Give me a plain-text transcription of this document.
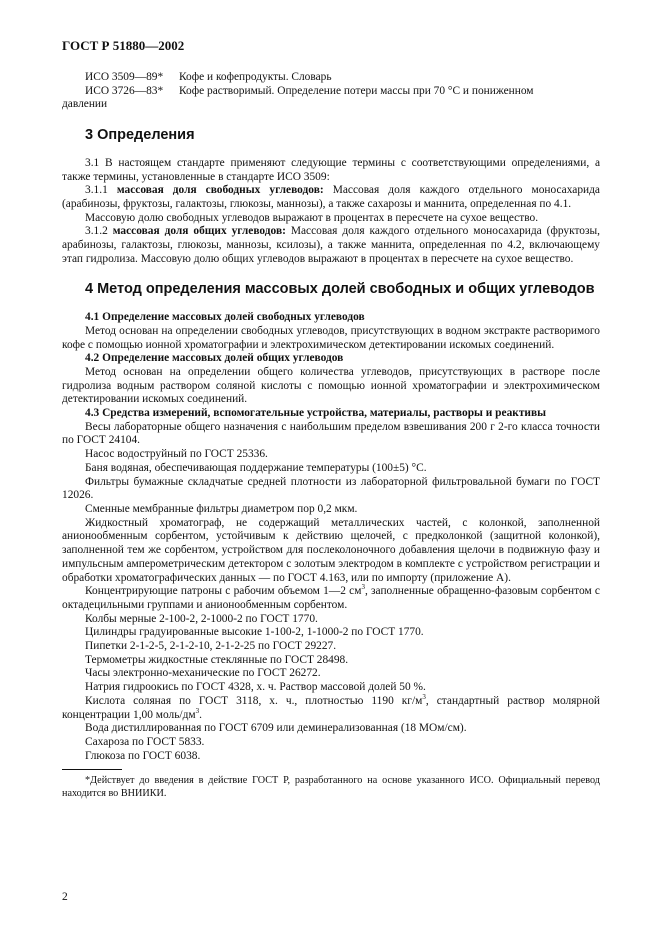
ГОСТ Р 51880—2002
ИСО 3509—89*	Кофе и кофепродукты. Словарь
ИСО 3726—83*	Кофе растворимый. Определение потери массы при 70 °С и пониженном

давлении

3 Определения

3.1 В настоящем стандарте применяют следующие термины с соответствующими определениями, а также термины, установленные в стандарте ИСО 3509:

3.1.1 массовая доля свободных углеводов: Массовая доля каждого отдельного моносахарида (арабинозы, фруктозы, галактозы, глюкозы, маннозы), а также сахарозы и маннита, определенная по 4.1.

Массовую долю свободных углеводов выражают в процентах в пересчете на сухое вещество.

3.1.2 массовая доля общих углеводов: Массовая доля каждого отдельного моносахарида (фруктозы, арабинозы, галактозы, глюкозы, маннозы, ксилозы), а также маннита, определенная по 4.2, включающему этап гидролиза. Массовую долю общих углеводов выражают в процентах в пересчете на сухое вещество.

4 Метод определения массовых долей свободных и общих углеводов

4.1 Определение массовых долей свободных углеводов

Метод основан на определении свободных углеводов, присутствующих в водном экстракте растворимого кофе с помощью ионной хроматографии и электрохимическом детектировании искомых соединений.

4.2 Определение массовых долей общих углеводов

Метод основан на определении общего количества углеводов, присутствующих в растворе после гидролиза водным раствором соляной кислоты с помощью ионной хроматографии и электрохимическом детектировании искомых соединений.

4.3 Средства измерений, вспомогательные устройства, материалы, растворы и реактивы

Весы лабораторные общего назначения с наибольшим пределом взвешивания 200 г 2-го класса точности по ГОСТ 24104.

Насос водоструйный по ГОСТ 25336.

Баня водяная, обеспечивающая поддержание температуры (100±5) °С.

Фильтры бумажные складчатые средней плотности из лабораторной фильтровальной бумаги по ГОСТ 12026.

Сменные мембранные фильтры диаметром пор 0,2 мкм.

Жидкостный хроматограф, не содержащий металлических частей, с колонкой, заполненной анионообменным сорбентом, устойчивым к действию щелочей, с предколонкой (защитной колонкой), заполненной тем же сорбентом, устройством для послеколоночного добавления щелочи в подвижную фазу и импульсным амперометрическим детектором с золотым электродом в комплекте с устройством регистрации и обработки хроматографических данных — по ГОСТ 4.163, или по импорту (приложение А).

Концентрирующие патроны с рабочим объемом 1—2 $см^3$, заполненные обращенно-фазовым сорбентом с октадецильными группами и анионообменным сорбентом.

Колбы мерные 2-100-2, 2-1000-2 по ГОСТ 1770.

Цилиндры градуированные высокие 1-100-2, 1-1000-2 по ГОСТ 1770.

Пипетки 2-1-2-5, 2-1-2-10, 2-1-2-25 по ГОСТ 29227.

Термометры жидкостные стеклянные по ГОСТ 28498.

Часы электронно-механические по ГОСТ 26272.

Натрия гидроокись по ГОСТ 4328, х. ч. Раствор массовой долей 50 %.

Кислота соляная по ГОСТ 3118, х. ч., плотностью 1190 $кг/м^3$, стандартный раствор молярной концентрации 1,00 моль/$дм^3$.

Вода дистиллированная по ГОСТ 6709 или деминерализованная (18 МОм/см).

Сахароза по ГОСТ 5833.

Глюкоза по ГОСТ 6038.

*Действует до введения в действие ГОСТ Р, разработанного на основе указанного ИСО. Официальный перевод находится во ВНИИКИ.

2
